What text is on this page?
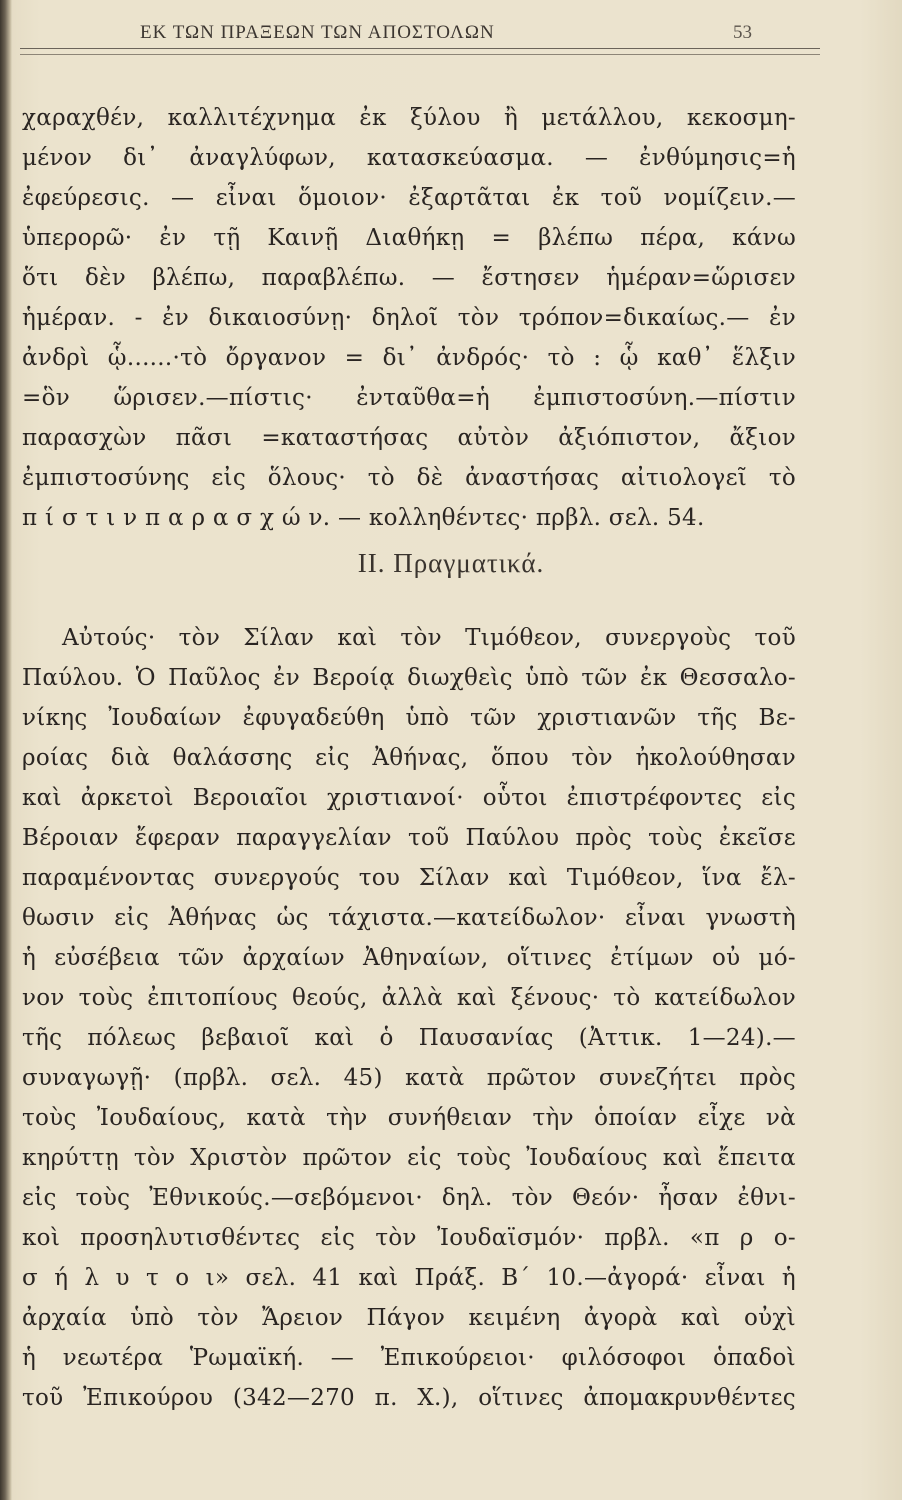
ΕΚ ΤΩΝ ΠΡΑΞΕΩΝ ΤΩΝ ΑΠΟΣΤΟΛΩΝ	53
χαραχθέν, καλλιτέχνημα ἐκ ξύλου ἢ μετάλλου, κεκοσμη-
μένον δι᾽ ἀναγλύφων, κατασκεύασμα. — ἐνθύμησις=ἡ
ἐφεύρεσις. — εἶναι ὅμοιον· ἐξαρτᾶται ἐκ τοῦ νομίζειν.—
ὑπερορῶ· ἐν τῇ Καινῇ Διαθήκῃ = βλέπω πέρα, κάνω
ὅτι δὲν βλέπω, παραβλέπω. — ἔστησεν ἡμέραν=ὥρισεν
ἡμέραν. - ἐν δικαιοσύνῃ· δηλοῖ τὸν τρόπον=δικαίως.— ἐν
ἀνδρὶ ᾧ......·τὸ ὄργανον = δι᾽ ἀνδρός· τὸ : ᾧ καθ᾽ ἕλξιν
=ὃν ὥρισεν.—πίστις· ἐνταῦθα=ἡ ἐμπιστοσύνη.—πίστιν
παρασχὼν πᾶσι =καταστήσας αὐτὸν ἀξιόπιστον, ἄξιον
ἐμπιστοσύνης εἰς ὅλους· τὸ δὲ ἀναστήσας αἰτιολογεῖ τὸ
π ί σ τ ι ν π α ρ α σ χ ώ ν. — κολληθέντες· πρβλ. σελ. 54.
ΙΙ. Πραγματικά.
Αὐτούς· τὸν Σίλαν καὶ τὸν Τιμόθεον, συνεργοὺς τοῦ
Παύλου. Ὁ Παῦλος ἐν Βεροίᾳ διωχθεὶς ὑπὸ τῶν ἐκ Θεσσαλο-
νίκης Ἰουδαίων ἐφυγαδεύθη ὑπὸ τῶν χριστιανῶν τῆς Βε-
ροίας διὰ θαλάσσης εἰς Ἀθήνας, ὅπου τὸν ἠκολούθησαν
καὶ ἀρκετοὶ Βεροιαῖοι χριστιανοί· οὗτοι ἐπιστρέφοντες εἰς
Βέροιαν ἔφεραν παραγγελίαν τοῦ Παύλου πρὸς τοὺς ἐκεῖσε
παραμένοντας συνεργούς του Σίλαν καὶ Τιμόθεον, ἵνα ἔλ-
θωσιν εἰς Ἀθήνας ὡς τάχιστα.—κατείδωλον· εἶναι γνωστὴ
ἡ εὐσέβεια τῶν ἀρχαίων Ἀθηναίων, οἵτινες ἐτίμων οὐ μό-
νον τοὺς ἐπιτοπίους θεούς, ἀλλὰ καὶ ξένους· τὸ κατείδωλον
τῆς πόλεως βεβαιοῖ καὶ ὁ Παυσανίας (Ἀττικ. 1—24).—
συναγωγῇ· (πρβλ. σελ. 45) κατὰ πρῶτον συνεζήτει πρὸς
τοὺς Ἰουδαίους, κατὰ τὴν συνήθειαν τὴν ὁποίαν εἶχε νὰ
κηρύττῃ τὸν Χριστὸν πρῶτον εἰς τοὺς Ἰουδαίους καὶ ἔπειτα
εἰς τοὺς Ἐθνικούς.—σεβόμενοι· δηλ. τὸν Θεόν· ἦσαν ἐθνι-
κοὶ προσηλυτισθέντες εἰς τὸν Ἰουδαϊσμόν· πρβλ. «π ρ ο-
σ ή λ υ τ ο ι» σελ. 41 καὶ Πράξ. Β´ 10.—ἀγορά· εἶναι ἡ
ἀρχαία ὑπὸ τὸν Ἄρειον Πάγον κειμένη ἀγορὰ καὶ οὐχὶ
ἡ νεωτέρα Ῥωμαϊκή. — Ἐπικούρειοι· φιλόσοφοι ὁπαδοὶ
τοῦ Ἐπικούρου (342—270 π. Χ.), οἵτινες ἀπομακρυνθέντες
